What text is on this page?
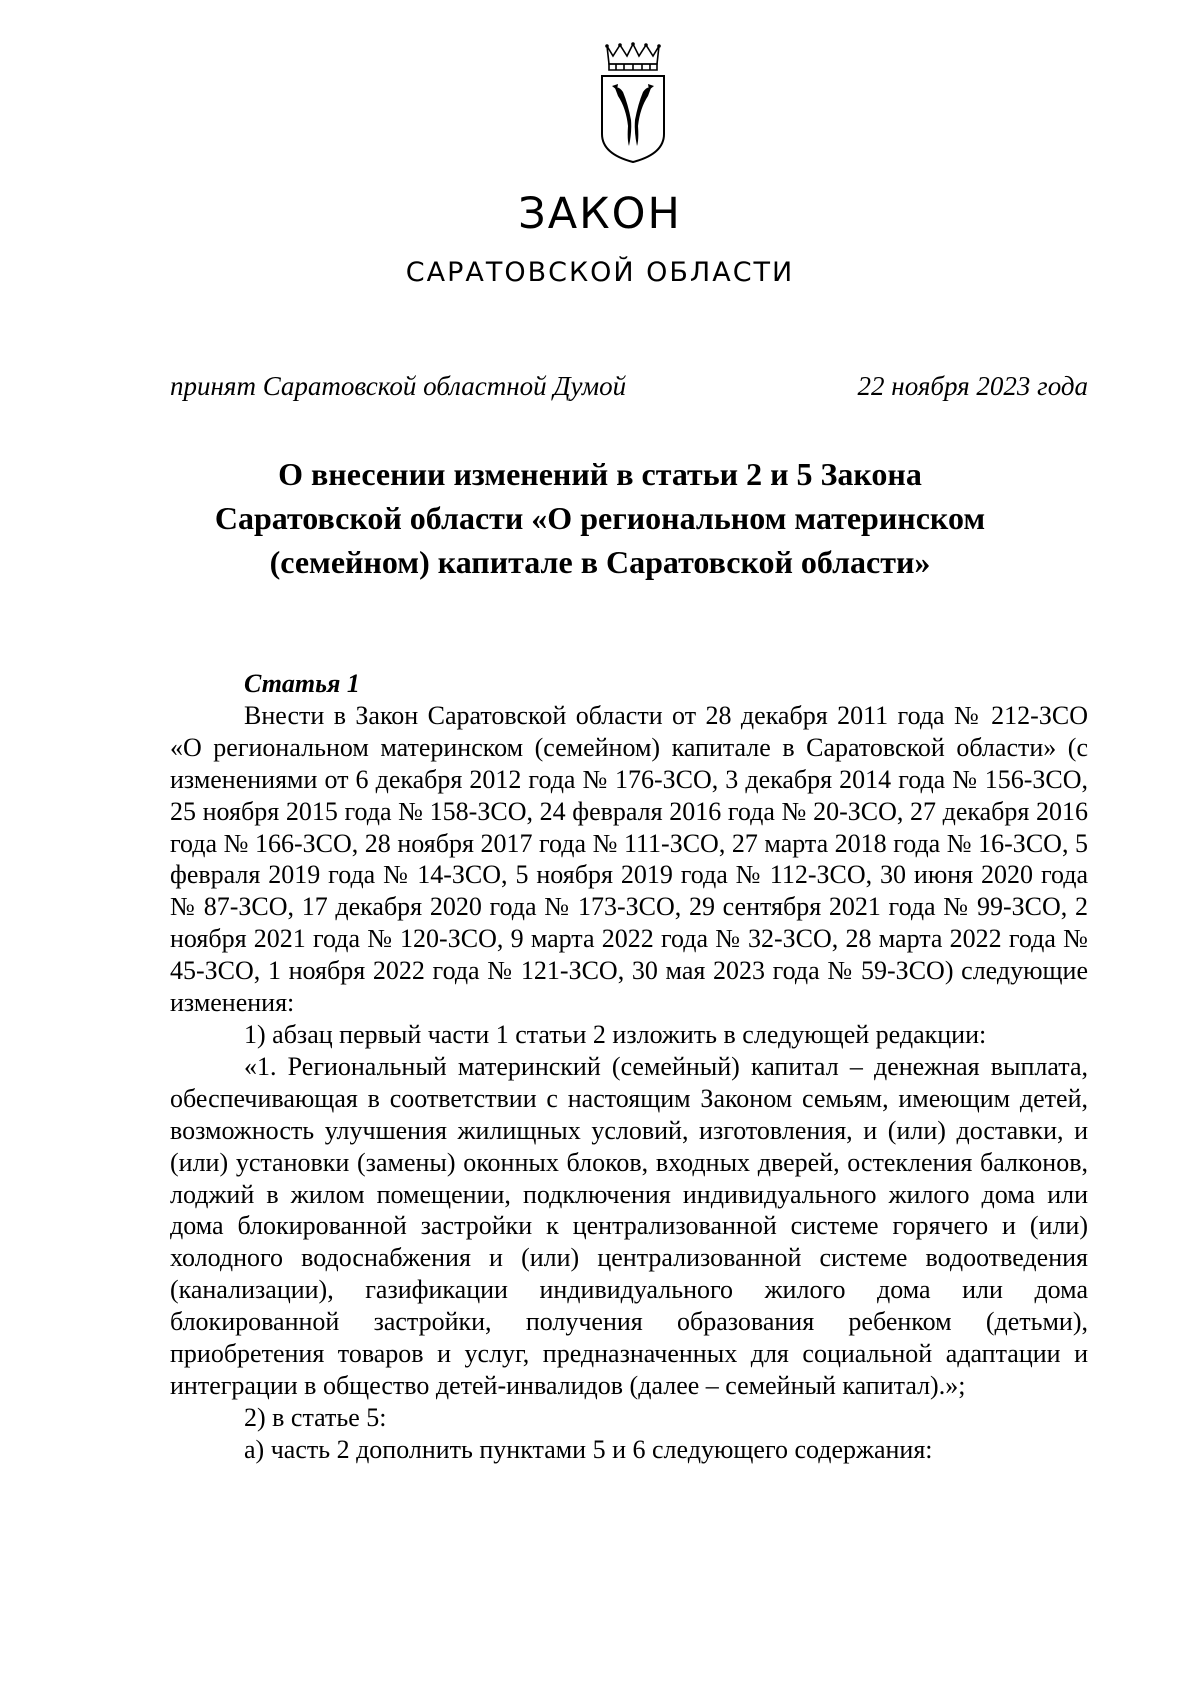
ЗАКОН
САРАТОВСКОЙ ОБЛАСТИ
принят Саратовской областной Думой	22 ноября 2023 года
О внесении изменений в статьи 2 и 5 Закона
Саратовской области «О региональном материнском
(семейном) капитале в Саратовской области»

Статья 1

Внести в Закон Саратовской области от 28 декабря 2011 года № 212-ЗСО «О региональном материнском (семейном) капитале в Саратовской области» (с изменениями от 6 декабря 2012 года № 176-ЗСО, 3 декабря 2014 года № 156-ЗСО, 25 ноября 2015 года № 158-ЗСО, 24 февраля 2016 года № 20-ЗСО, 27 декабря 2016 года № 166-ЗСО, 28 ноября 2017 года № 111-ЗСО, 27 марта 2018 года № 16-ЗСО, 5 февраля 2019 года № 14-ЗСО, 5 ноября 2019 года № 112-ЗСО, 30 июня 2020 года № 87-ЗСО, 17 декабря 2020 года № 173-ЗСО, 29 сентября 2021 года № 99-ЗСО, 2 ноября 2021 года № 120-ЗСО, 9 марта 2022 года № 32-ЗСО, 28 марта 2022 года № 45-ЗСО, 1 ноября 2022 года № 121-ЗСО, 30 мая 2023 года № 59-ЗСО) следующие изменения:

1) абзац первый части 1 статьи 2 изложить в следующей редакции:

«1. Региональный материнский (семейный) капитал – денежная выплата, обеспечивающая в соответствии с настоящим Законом семьям, имеющим детей, возможность улучшения жилищных условий, изготовления, и (или) доставки, и (или) установки (замены) оконных блоков, входных дверей, остекления балконов, лоджий в жилом помещении, подключения индивидуального жилого дома или дома блокированной застройки к централизованной системе горячего и (или) холодного водоснабжения и (или) централизованной системе водоотведения (канализации), газификации индивидуального жилого дома или дома блокированной застройки, получения образования ребенком (детьми), приобретения товаров и услуг, предназначенных для социальной адаптации и интеграции в общество детей-инвалидов (далее – семейный капитал).»;

2) в статье 5:

а) часть 2 дополнить пунктами 5 и 6 следующего содержания:
